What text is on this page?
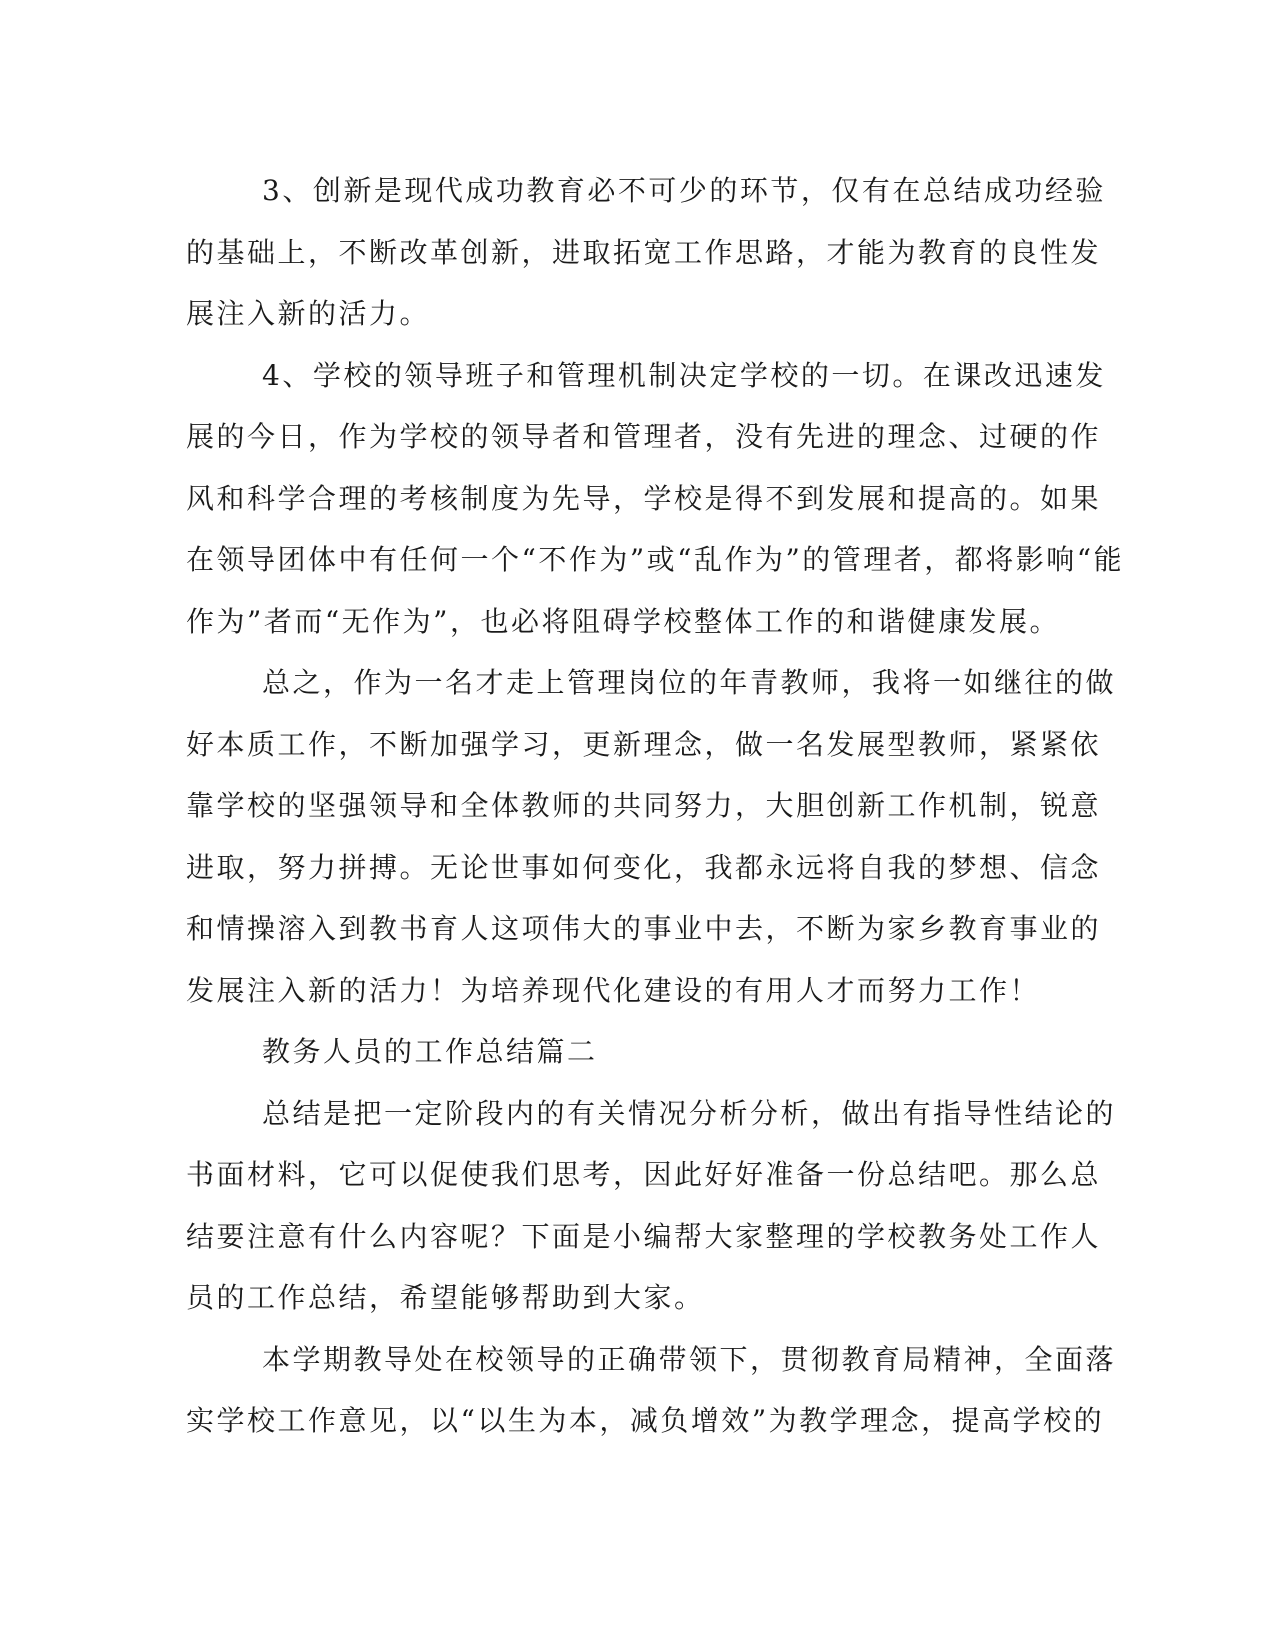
3、创新是现代成功教育必不可少的环节，仅有在总结成功经验
的基础上，不断改革创新，进取拓宽工作思路，才能为教育的良性发
展注入新的活力。
4、学校的领导班子和管理机制决定学校的一切。在课改迅速发
展的今日，作为学校的领导者和管理者，没有先进的理念、过硬的作
风和科学合理的考核制度为先导，学校是得不到发展和提高的。如果
在领导团体中有任何一个“不作为”或“乱作为”的管理者，都将影响“能
作为”者而“无作为”，也必将阻碍学校整体工作的和谐健康发展。
总之，作为一名才走上管理岗位的年青教师，我将一如继往的做
好本质工作，不断加强学习，更新理念，做一名发展型教师，紧紧依
靠学校的坚强领导和全体教师的共同努力，大胆创新工作机制，锐意
进取，努力拼搏。无论世事如何变化，我都永远将自我的梦想、信念
和情操溶入到教书育人这项伟大的事业中去，不断为家乡教育事业的
发展注入新的活力！为培养现代化建设的有用人才而努力工作！
教务人员的工作总结篇二
总结是把一定阶段内的有关情况分析分析，做出有指导性结论的
书面材料，它可以促使我们思考，因此好好准备一份总结吧。那么总
结要注意有什么内容呢？下面是小编帮大家整理的学校教务处工作人
员的工作总结，希望能够帮助到大家。
本学期教导处在校领导的正确带领下，贯彻教育局精神，全面落
实学校工作意见，以“以生为本，减负增效”为教学理念，提高学校的
